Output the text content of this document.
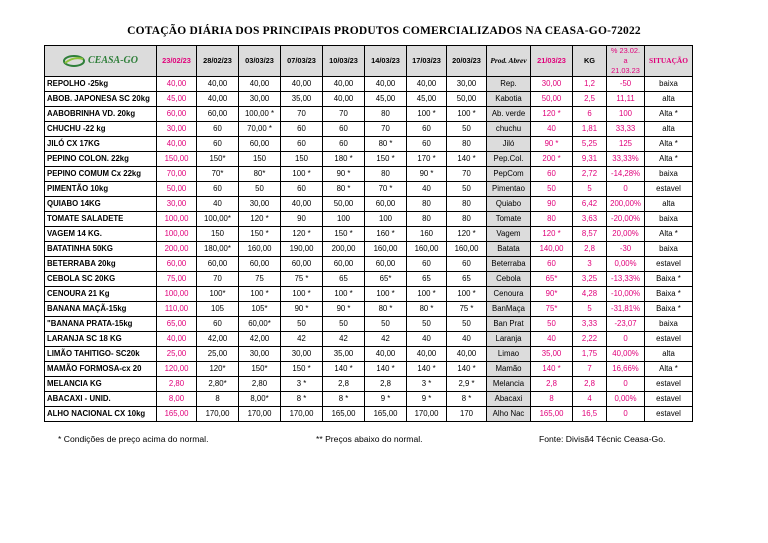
COTAÇÃO DIÁRIA DOS PRINCIPAIS PRODUTOS COMERCIALIZADOS NA CEASA-GO-72022
CEASA-GO	23/02/23	28/02/23	03/03/23	07/03/23	10/03/23	14/03/23	17/03/23	20/03/23	Prod. Abrev	21/03/23	KG	% 23.02. a 21.03.23	SITUAÇÃO
REPOLHO -25kg	40,00	40,00	40,00	40,00	40,00	40,00	40,00	30,00	Rep.	30,00	1,2	-50	baixa
ABOB. JAPONESA SC 20kg	45,00	40,00	30,00	35,00	40,00	45,00	45,00	50,00	Kabotia	50,00	2,5	11,11	alta
AABOBRINHA VD. 20kg	60,00	60,00	100,00 *	70	70	80	100 *	100 *	Ab. verde	120 *	6	100	Alta *
CHUCHU -22 kg	30,00	60	70,00 *	60	60	70	60	50	chuchu	40	1,81	33,33	alta
JILÓ CX 17KG	40,00	60	60,00	60	60	80 *	60	80	Jiló	90 *	5,25	125	Alta *
PEPINO COLON. 22kg	150,00	150*	150	150	180 *	150 *	170 *	140 *	Pep.Col.	200 *	9,31	33,33%	Alta *
PEPINO COMUM Cx 22kg	70,00	70*	80*	100 *	90 *	80	90 *	70	PepCom	60	2,72	-14,28%	baixa
PIMENTÃO 10kg	50,00	60	50	60	80 *	70 *	40	50	Pimentao	50	5	0	estavel
QUIABO 14KG	30,00	40	30,00	40,00	50,00	60,00	80	80	Quiabo	90	6,42	200,00%	alta
TOMATE SALADETE	100,00	100,00*	120 *	90	100	100	80	80	Tomate	80	3,63	-20,00%	baixa
VAGEM 14 KG.	100,00	150	150 *	120 *	150 *	160 *	160	120 *	Vagem	120 *	8,57	20,00%	Alta *
BATATINHA 50KG	200,00	180,00*	160,00	190,00	200,00	160,00	160,00	160,00	Batata	140,00	2,8	-30	baixa
BETERRABA 20kg	60,00	60,00	60,00	60,00	60,00	60,00	60	60	Beterraba	60	3	0,00%	estavel
CEBOLA SC 20KG	75,00	70	75	75 *	65	65*	65	65	Cebola	65*	3,25	-13,33%	Baixa *
CENOURA 21 Kg	100,00	100*	100 *	100 *	100 *	100 *	100 *	100 *	Cenoura	90*	4,28	-10,00%	Baixa *
BANANA MAÇÃ-15kg	110,00	105	105*	90 *	90 *	80 *	80 *	75 *	BanMaça	75*	5	-31,81%	Baixa *
"BANANA PRATA-15kg	65,00	60	60,00*	50	50	50	50	50	Ban Prat	50	3,33	-23,07	baixa
LARANJA SC 18 KG	40,00	42,00	42,00	42	42	42	40	40	Laranja	40	2,22	0	estavel
LIMÃO TAHITIGO- SC20k	25,00	25,00	30,00	30,00	35,00	40,00	40,00	40,00	Limao	35,00	1,75	40,00%	alta
MAMÃO FORMOSA-cx 20	120,00	120*	150*	150 *	140 *	140 *	140 *	140 *	Mamão	140 *	7	16,66%	Alta *
MELANCIA KG	2,80	2,80*	2,80	3 *	2,8	2,8	3 *	2,9 *	Melancia	2,8	2,8	0	estavel
ABACAXI - UNID.	8,00	8	8,00*	8 *	8 *	9 *	9 *	8 *	Abacaxi	8	4	0,00%	estavel
ALHO NACIONAL CX 10kg	165,00	170,00	170,00	170,00	165,00	165,00	170,00	170	Alho Nac	165,00	16,5	0	estavel
* Condições de preço acima do normal.	** Preços abaixo do normal.	Fonte: Divisã4 Técnic Ceasa-Go.
